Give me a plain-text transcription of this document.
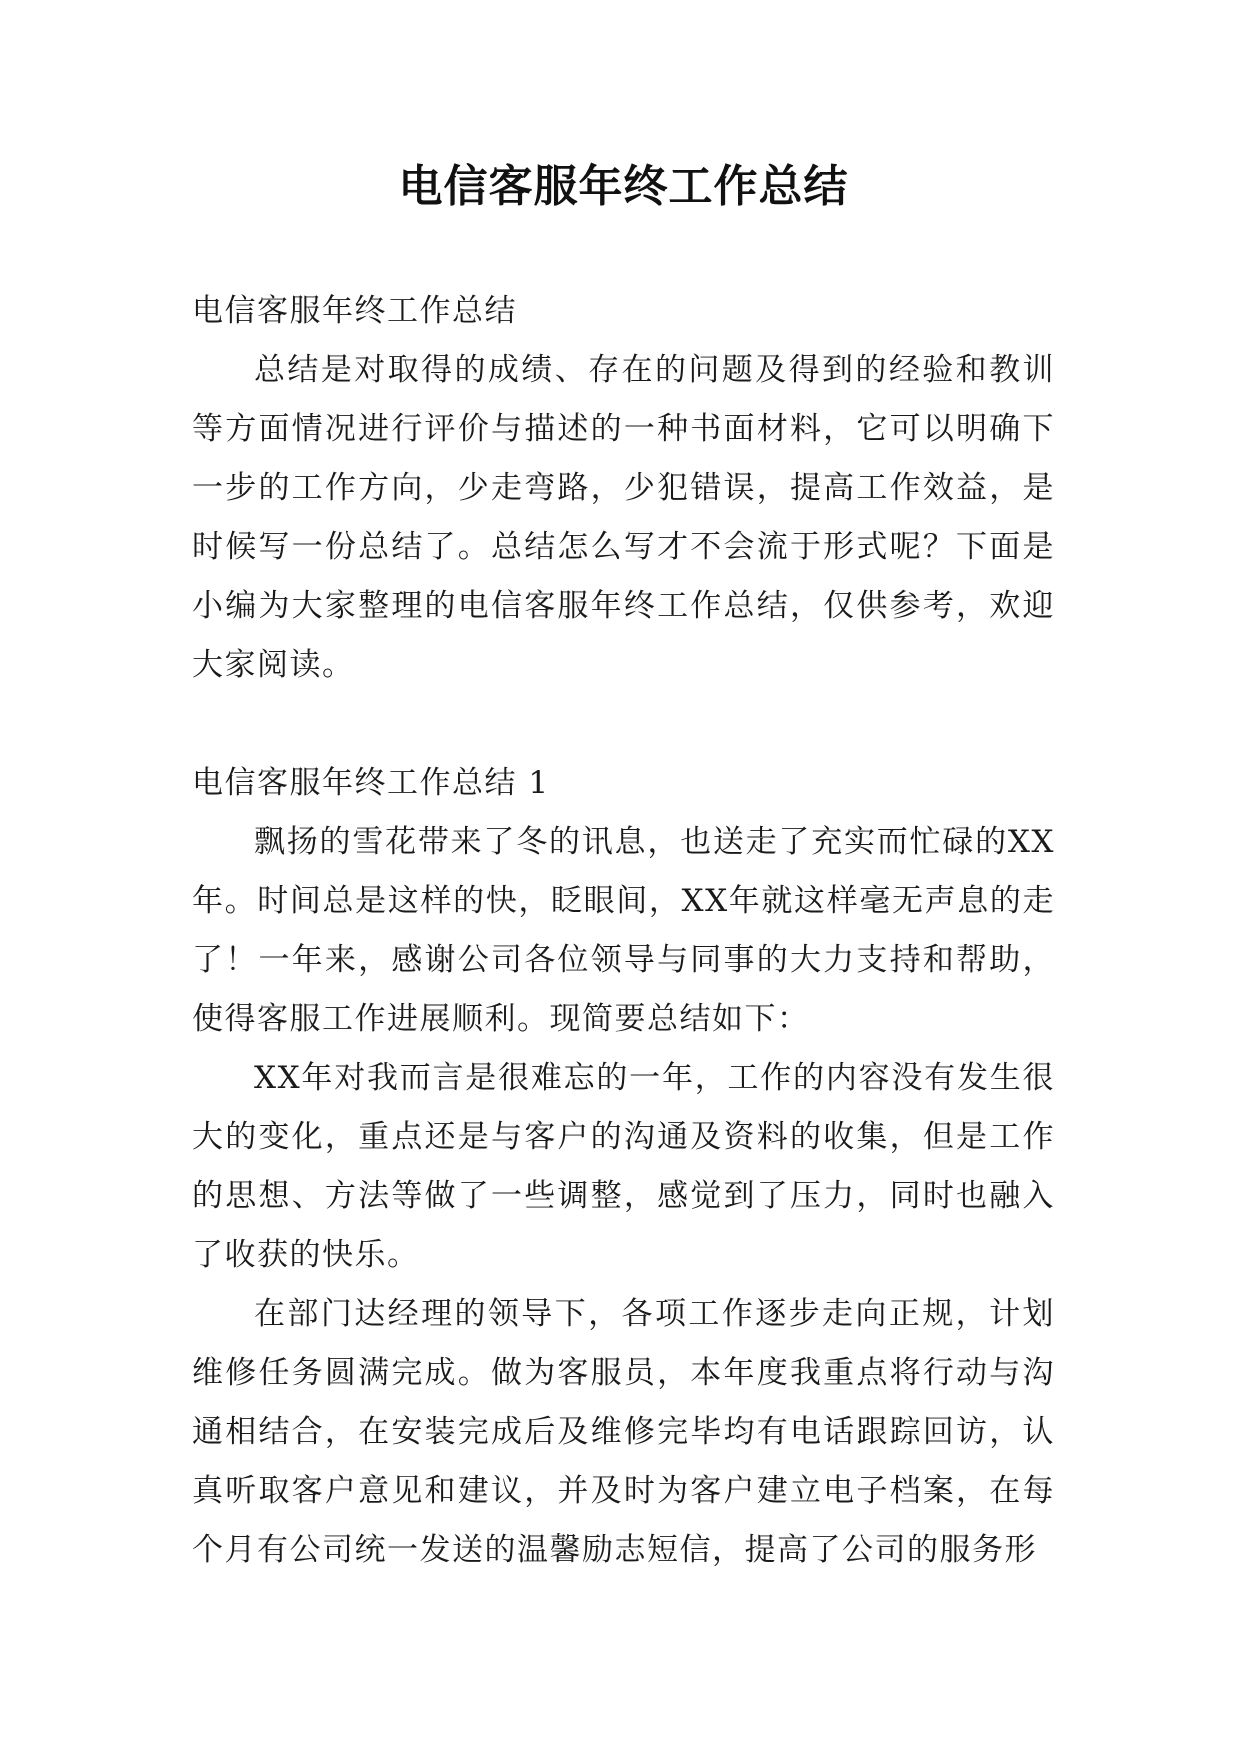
电信客服年终工作总结

电信客服年终工作总结

总结是对取得的成绩、存在的问题及得到的经验和教训等方面情况进行评价与描述的一种书面材料，它可以明确下一步的工作方向，少走弯路，少犯错误，提高工作效益，是时候写一份总结了。总结怎么写才不会流于形式呢？下面是小编为大家整理的电信客服年终工作总结，仅供参考，欢迎大家阅读。

电信客服年终工作总结 1

飘扬的雪花带来了冬的讯息，也送走了充实而忙碌的XX年。时间总是这样的快，眨眼间，XX年就这样毫无声息的走了！一年来，感谢公司各位领导与同事的大力支持和帮助，使得客服工作进展顺利。现简要总结如下：

XX年对我而言是很难忘的一年，工作的内容没有发生很大的变化，重点还是与客户的沟通及资料的收集，但是工作的思想、方法等做了一些调整，感觉到了压力，同时也融入了收获的快乐。

在部门达经理的领导下，各项工作逐步走向正规，计划维修任务圆满完成。做为客服员，本年度我重点将行动与沟通相结合，在安装完成后及维修完毕均有电话跟踪回访，认真听取客户意见和建议，并及时为客户建立电子档案，在每个月有公司统一发送的温馨励志短信，提高了公司的服务形
